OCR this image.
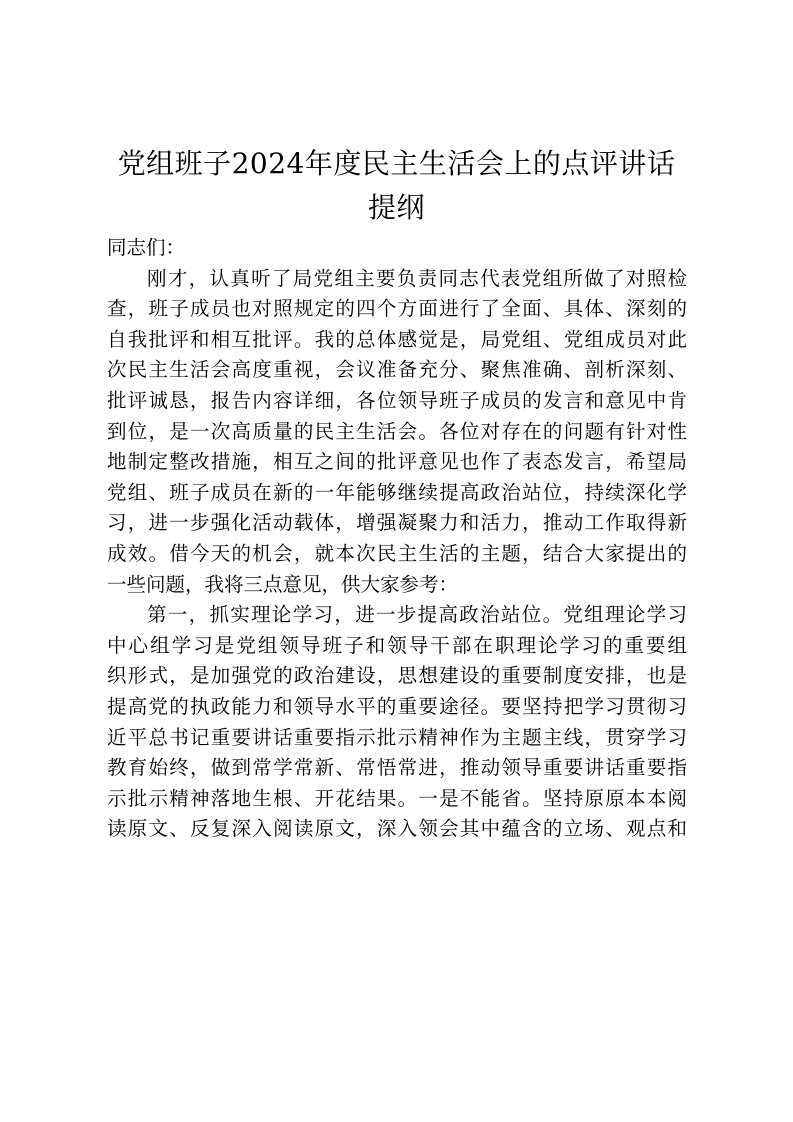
党组班子2024年度民主生活会上的点评讲话
提纲
同志们：
刚才，认真听了局党组主要负责同志代表党组所做了对照检
查，班子成员也对照规定的四个方面进行了全面、具体、深刻的
自我批评和相互批评。我的总体感觉是，局党组、党组成员对此
次民主生活会高度重视，会议准备充分、聚焦准确、剖析深刻、
批评诚恳，报告内容详细，各位领导班子成员的发言和意见中肯
到位，是一次高质量的民主生活会。各位对存在的问题有针对性
地制定整改措施，相互之间的批评意见也作了表态发言，希望局
党组、班子成员在新的一年能够继续提高政治站位，持续深化学
习，进一步强化活动载体，增强凝聚力和活力，推动工作取得新
成效。借今天的机会，就本次民主生活的主题，结合大家提出的
一些问题，我将三点意见，供大家参考：
第一，抓实理论学习，进一步提高政治站位。党组理论学习
中心组学习是党组领导班子和领导干部在职理论学习的重要组
织形式，是加强党的政治建设，思想建设的重要制度安排，也是
提高党的执政能力和领导水平的重要途径。要坚持把学习贯彻习
近平总书记重要讲话重要指示批示精神作为主题主线，贯穿学习
教育始终，做到常学常新、常悟常进，推动领导重要讲话重要指
示批示精神落地生根、开花结果。一是不能省。坚持原原本本阅
读原文、反复深入阅读原文，深入领会其中蕴含的立场、观点和
